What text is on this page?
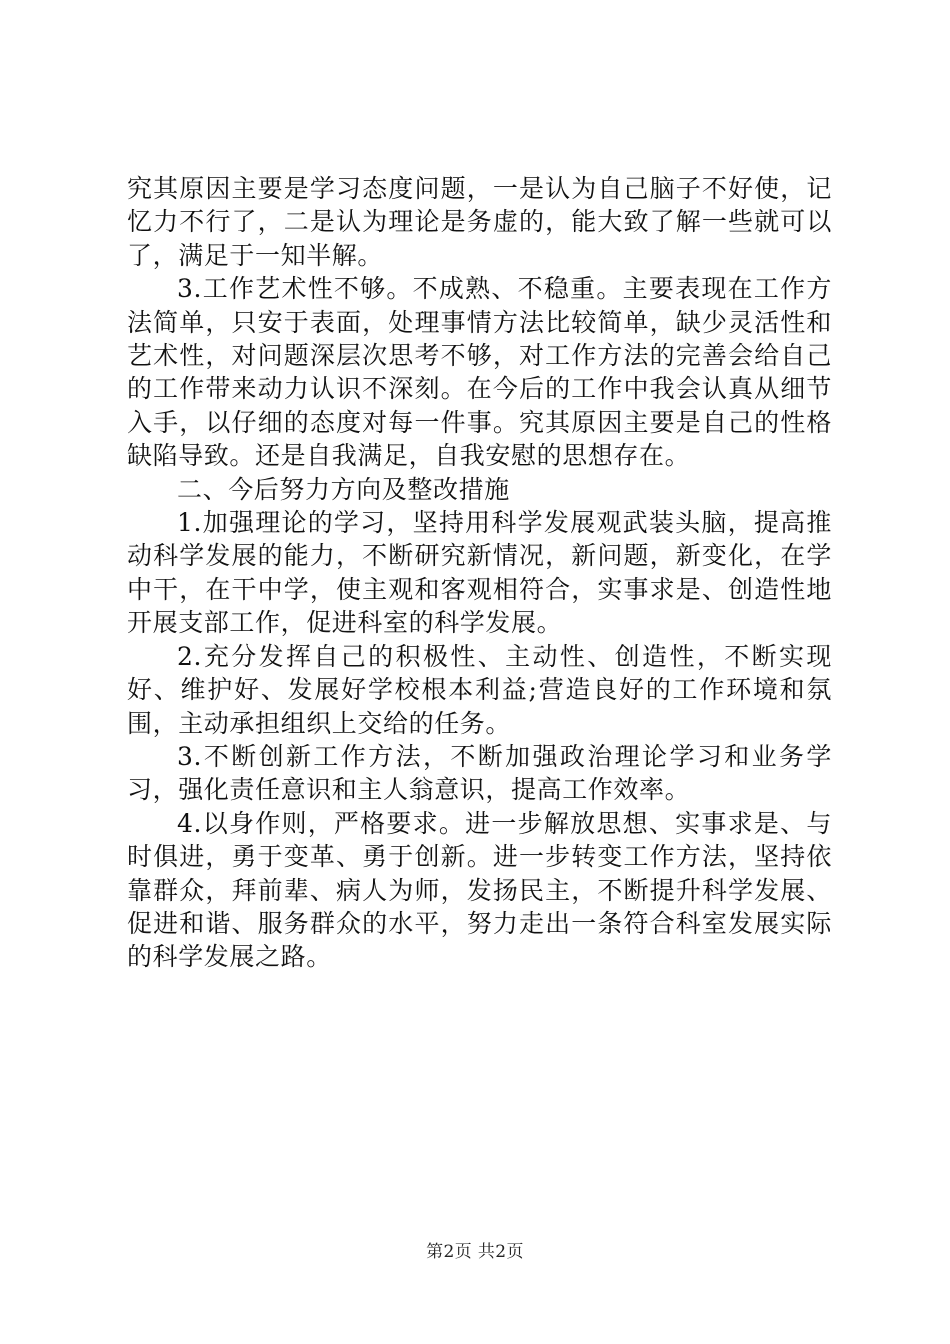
究其原因主要是学习态度问题，一是认为自己脑子不好使，记忆力不行了，二是认为理论是务虚的，能大致了解一些就可以了，满足于一知半解。

3.工作艺术性不够。不成熟、不稳重。主要表现在工作方法简单，只安于表面，处理事情方法比较简单，缺少灵活性和艺术性，对问题深层次思考不够，对工作方法的完善会给自己的工作带来动力认识不深刻。在今后的工作中我会认真从细节入手，以仔细的态度对每一件事。究其原因主要是自己的性格缺陷导致。还是自我满足，自我安慰的思想存在。

二、今后努力方向及整改措施

1.加强理论的学习，坚持用科学发展观武装头脑，提高推动科学发展的能力，不断研究新情况，新问题，新变化，在学中干，在干中学，使主观和客观相符合，实事求是、创造性地开展支部工作，促进科室的科学发展。

2.充分发挥自己的积极性、主动性、创造性，不断实现好、维护好、发展好学校根本利益;营造良好的工作环境和氛围，主动承担组织上交给的任务。

3.不断创新工作方法，不断加强政治理论学习和业务学习，强化责任意识和主人翁意识，提高工作效率。

4.以身作则，严格要求。进一步解放思想、实事求是、与时俱进，勇于变革、勇于创新。进一步转变工作方法，坚持依靠群众，拜前辈、病人为师，发扬民主，不断提升科学发展、促进和谐、服务群众的水平，努力走出一条符合科室发展实际的科学发展之路。

第2页 共2页
